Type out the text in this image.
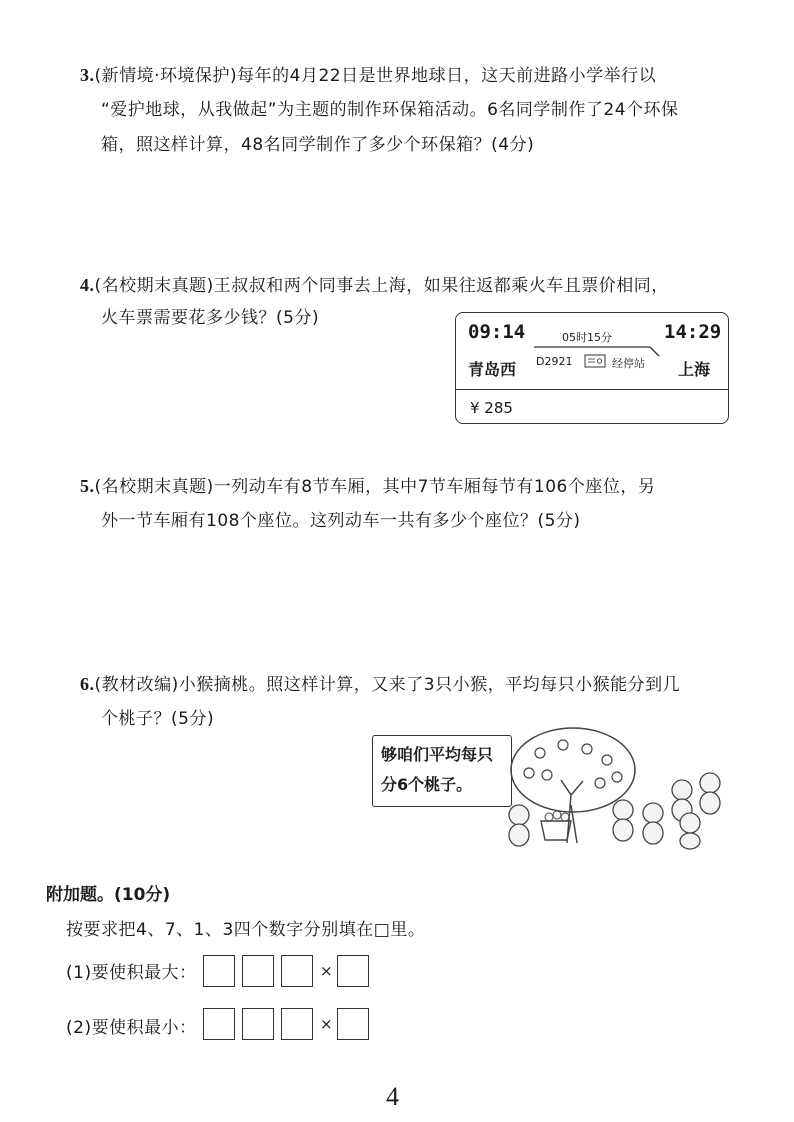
3.(新情境·环境保护)每年的4月22日是世界地球日，这天前进路小学举行以
“爱护地球，从我做起”为主题的制作环保箱活动。6名同学制作了24个环保
箱，照这样计算，48名同学制作了多少个环保箱？(4分)
4.(名校期末真题)王叔叔和两个同事去上海，如果往返都乘火车且票价相同，
火车票需要花多少钱？(5分)
09:14	14:29
05时15分
青岛西	上海
D2921	经停站
¥ 285
5.(名校期末真题)一列动车有8节车厢，其中7节车厢每节有106个座位，另
外一节车厢有108个座位。这列动车一共有多少个座位？(5分)
6.(教材改编)小猴摘桃。照这样计算，又来了3只小猴，平均每只小猴能分到几
个桃子？(5分)
够咱们平均每只
分6个桃子。
附加题。(10分)
按要求把4、7、1、3四个数字分别填在□里。
(1)要使积最大：	×
(2)要使积最小：	×
4
